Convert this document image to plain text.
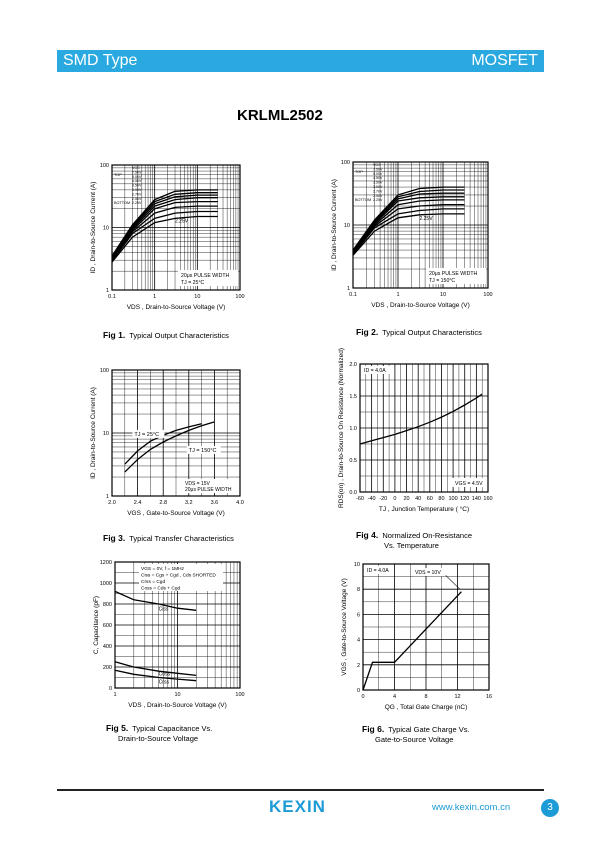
SMD Type	MOSFET
KRLML2502
0.1	1	10	100
1
10
100
VDS , Drain-to-Source Voltage (V)
ID , Drain-to-Source Current (A)
VGS
7.50V
5.00V
4.50V
3.50V
3.00V
2.70V
2.50V
2.25V
TOP
BOTTOM
2.25V
20μs PULSE WIDTH
TJ = 25°C
Fig 1. Typical Output Characteristics
0.1	1	10	100
1
10
100
VDS , Drain-to-Source Voltage (V)
ID , Drain-to-Source Current (A)
VGS
7.50V
5.00V
4.50V
3.50V
3.00V
2.70V
2.50V
2.25V
TOP
BOTTOM
2.25V
20μs PULSE WIDTH
TJ = 150°C
Fig 2. Typical Output Characteristics
2.0	2.4	2.8	3.2	3.6	4.0
1
10
100
VGS , Gate-to-Source Voltage (V)
ID , Drain-to-Source Current (A)	TJ = 25°C
TJ = 150°C
VDS = 15V
20μs PULSE WIDTH
Fig 3. Typical Transfer Characteristics
-60 -40 -20 0 20 40 60 80 100 120 140 160
0.0
0.5
1.0
1.5
2.0
TJ , Junction Temperature ( °C)
RDS(on) , Drain-to-Source On Resistance (Normalized)	ID = 4.0A
VGS = 4.5V
Fig 4. Normalized On-Resistance
Vs. Temperature
1	10	100
0
200
400
600
800
1000
1200
VDS , Drain-to-Source Voltage (V)
C, Capacitance (pF)
VGS = 0V, f = 1MHz
Ciss = Cgs + Cgd , Cds SHORTED
Crss = Cgd
Coss = Cds + Cgd
Ciss
Coss
Crss
Fig 5. Typical Capacitance Vs.
Drain-to-Source Voltage
0	4	8	12	16
0
2
4
6
8
10
QG , Total Gate Charge (nC)
VGS , Gate-to-Source Voltage (V)
ID = 4.0A	VDS = 10V
Fig 6. Typical Gate Charge Vs.
Gate-to-Source Voltage
KEXIN	www.kexin.com.cn	3
